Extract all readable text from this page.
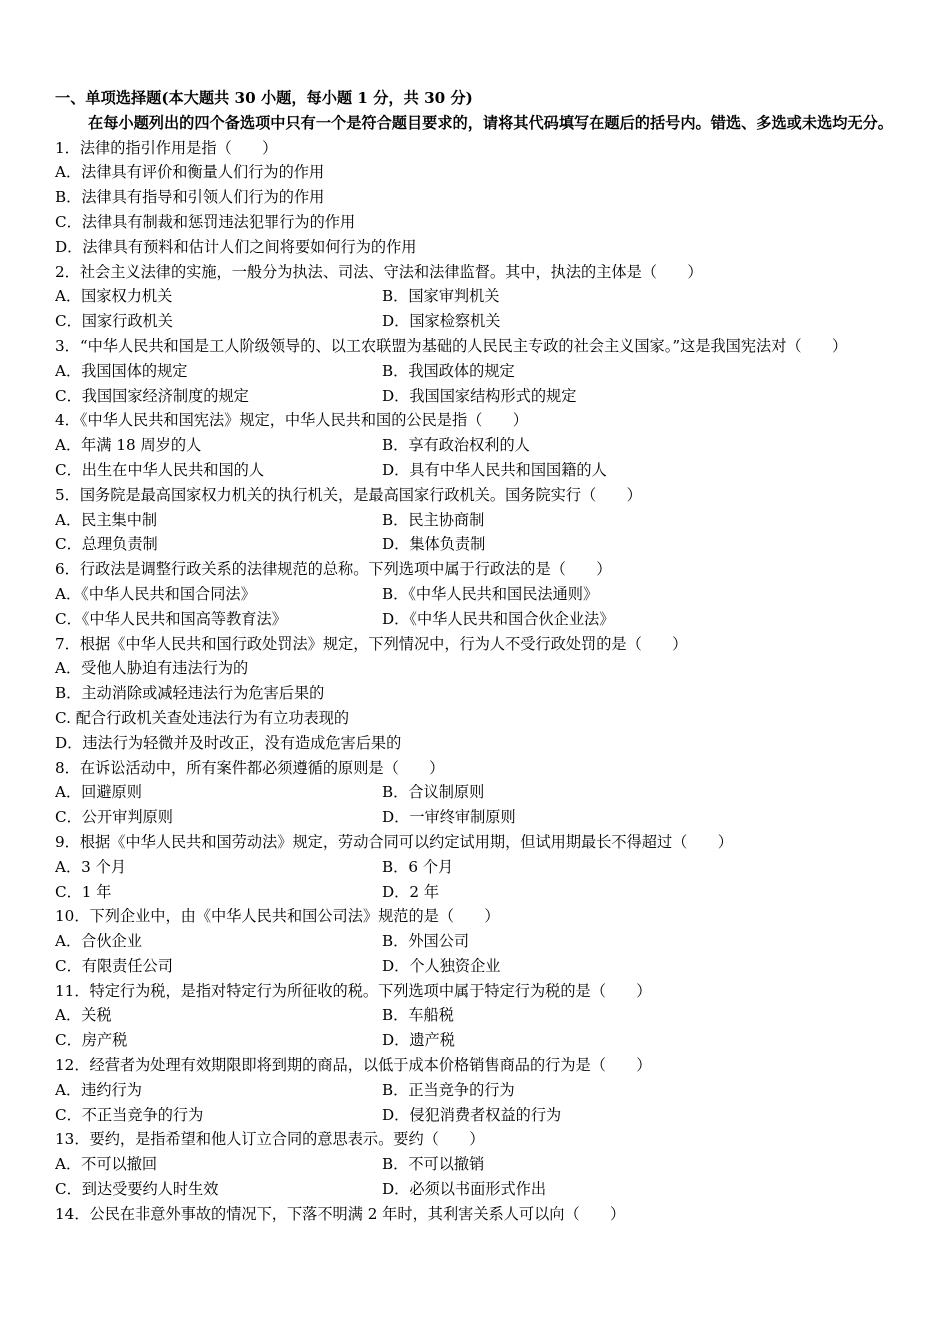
一、单项选择题(本大题共 30 小题，每小题 1 分，共 30 分)
在每小题列出的四个备选项中只有一个是符合题目要求的，请将其代码填写在题后的括号内。错选、多选或未选均无分。
1．法律的指引作用是指（　　）
A．法律具有评价和衡量人们行为的作用
B．法律具有指导和引领人们行为的作用
C．法律具有制裁和惩罚违法犯罪行为的作用
D．法律具有预料和估计人们之间将要如何行为的作用
2．社会主义法律的实施，一般分为执法、司法、守法和法律监督。其中，执法的主体是（　　）
A．国家权力机关	B．国家审判机关
C．国家行政机关	D．国家检察机关
3．“中华人民共和国是工人阶级领导的、以工农联盟为基础的人民民主专政的社会主义国家。”这是我国宪法对（　　）
A．我国国体的规定	B．我国政体的规定
C．我国国家经济制度的规定	D．我国国家结构形式的规定
4．《中华人民共和国宪法》规定，中华人民共和国的公民是指（　　）
A．年满 18 周岁的人	B．享有政治权利的人
C．出生在中华人民共和国的人	D．具有中华人民共和国国籍的人
5．国务院是最高国家权力机关的执行机关，是最高国家行政机关。国务院实行（　　）
A．民主集中制	B．民主协商制
C．总理负责制	D．集体负责制
6．行政法是调整行政关系的法律规范的总称。下列选项中属于行政法的是（　　）
A．《中华人民共和国合同法》	B．《中华人民共和国民法通则》
C．《中华人民共和国高等教育法》	D．《中华人民共和国合伙企业法》
7．根据《中华人民共和国行政处罚法》规定，下列情况中，行为人不受行政处罚的是（　　）
A．受他人胁迫有违法行为的
B．主动消除或减轻违法行为危害后果的
C. 配合行政机关查处违法行为有立功表现的
D．违法行为轻微并及时改正，没有造成危害后果的
8．在诉讼活动中，所有案件都必须遵循的原则是（　　）
A．回避原则	B．合议制原则
C．公开审判原则	D．一审终审制原则
9．根据《中华人民共和国劳动法》规定，劳动合同可以约定试用期，但试用期最长不得超过（　　）
A．3 个月	B．6 个月
C．1 年	D．2 年
10．下列企业中，由《中华人民共和国公司法》规范的是（　　）
A．合伙企业	B．外国公司
C．有限责任公司	D．个人独资企业
11．特定行为税，是指对特定行为所征收的税。下列选项中属于特定行为税的是（　　）
A．关税	B．车船税
C．房产税	D．遗产税
12．经营者为处理有效期限即将到期的商品，以低于成本价格销售商品的行为是（　　）
A．违约行为	B．正当竞争的行为
C．不正当竞争的行为	D．侵犯消费者权益的行为
13．要约，是指希望和他人订立合同的意思表示。要约（　　）
A．不可以撤回	B．不可以撤销
C．到达受要约人时生效	D．必须以书面形式作出
14．公民在非意外事故的情况下，下落不明满 2 年时，其利害关系人可以向（　　）
